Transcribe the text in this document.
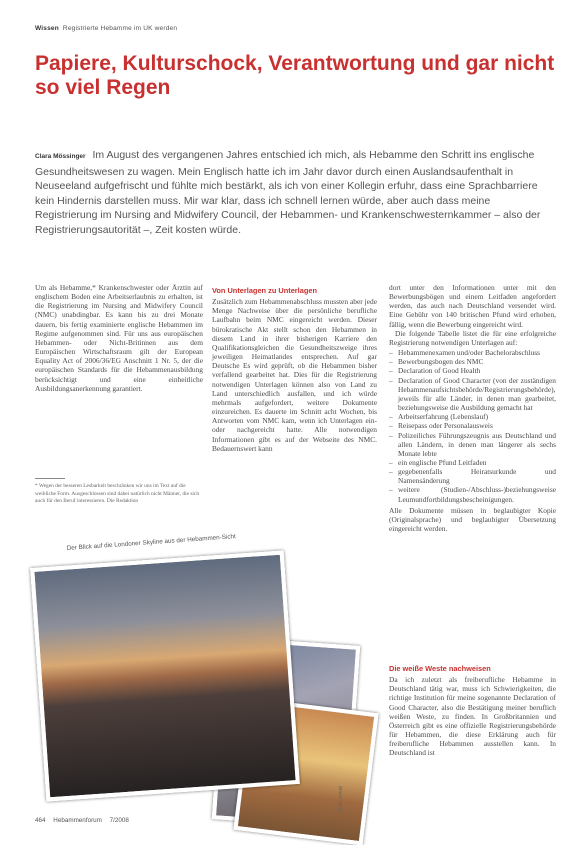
Wissen Registrierte Hebamme im UK werden
Papiere, Kulturschock, Verantwortung und gar nicht so viel Regen

Clara Mössinger Im August des vergangenen Jahres entschied ich mich, als Hebamme den Schritt ins englische Gesundheitswesen zu wagen. Mein Englisch hatte ich im Jahr davor durch einen Auslandsaufenthalt in Neuseeland aufgefrischt und fühlte mich bestärkt, als ich von einer Kollegin erfuhr, dass eine Sprachbarriere kein Hindernis darstellen muss. Mir war klar, dass ich schnell lernen würde, aber auch dass meine Registrierung im Nursing and Midwifery Council, der Hebammen- und Krankenschwesternkammer – also der Registrierungsautorität –, Zeit kosten würde.

Um als Hebamme,* Krankenschwester oder Ärztin auf englischem Boden eine Arbeitserlaubnis zu erhalten, ist die Registrierung im Nursing and Midwifery Council (NMC) unabdingbar. Es kann bis zu drei Monate dauern, bis fertig examinierte englische Hebammen im Regime aufgenommen sind. Für uns aus europäischen Hebammen- oder Nicht-Britinnen aus dem Europäischen Wirtschaftsraum gilt der European Equality Act of 2006/36/EG Anschnitt 1 Nr. 5, der die europäischen Standards für die Hebammenausbildung berücksichtigt und eine einheitliche Ausbildungsanerkennung garantiert.

* Wegen der besseren Lesbarkeit beschränken wir uns im Text auf die weibliche Form. Ausgeschlossen sind dabei natürlich nicht Männer, die sich auch für den Beruf interessieren. Die Redaktion

Von Unterlagen zu Unterlagen

Zusätzlich zum Hebammenabschluss mussten aber jede Menge Nachweise über die persönliche berufliche Laufbahn beim NMC eingereicht werden. Dieser bürokratische Akt stellt schon den Hebammen in diesem Land in ihrer bisherigen Karriere den Qualifikationsgleichen die Gesundheitszweige ihres jeweiligen Heimatlandes entsprechen. Auf gar Deutsche Es wird geprüft, ob die Hebammen bisher verfallend gearbeitet hat. Dies für die Registrierung notwendigen Unterlagen können also von Land zu Land unterschiedlich ausfallen, und ich würde mehrmals aufgefordert, weitere Dokumente einzureichen. Es dauerte im Schnitt acht Wochen, bis Antworten vom NMC kam, wenn ich Unterlagen ein- oder nachgereicht hatte. Alle notwendigen Informationen gibt es auf der Webseite des NMC. Bedauernswert kann

dort unter den Informationen unter mit den Bewerbungsbögen und einem Leitfaden angefordert werden, das auch nach Deutschland versendet wird. Eine Gebühr von 140 britischen Pfund wird erhoben, fällig, wenn die Bewerbung eingereicht wird.

Die folgende Tabelle listet die für eine erfolgreiche Registrierung notwendigen Unterlagen auf:

– Hebammenexamen und/oder Bachelorabschluss
– Bewerbungsbogen des NMC
– Declaration of Good Health
– Declaration of Good Character (von der zuständigen Hebammenaufsichtsbehörde/Registrierungsbehörde), jeweils für alle Länder, in denen man gearbeitet, beziehungsweise die Ausbildung gemacht hat
– Arbeitserfahrung (Lebenslauf)
– Reisepass oder Personalausweis
– Polizeiliches Führungszeugnis aus Deutschland und allen Ländern, in denen man längerer als sechs Monate lebte
– ein englische Pfund Leitfaden
– gegebenenfalls Heiratsurkunde und Namensänderung
– weitere (Studien-/Abschluss-)beziehungsweise Leumundfortbildungsbescheinigungen.

Alle Dokumente müssen in beglaubigter Kopie (Originalsprache) und beglaubigter Übersetzung eingereicht werden.

Die weiße Weste nachweisen

Da ich zuletzt als freiberufliche Hebamme in Deutschland tätig war, muss ich Schwierigkeiten, die richtige Institution für meine sogenannte Declaration of Good Character, also die Bestätigung meiner beruflich weißen Weste, zu finden. In Großbritannien und Österreich gibt es eine offizielle Registrierungsbehörde für Hebammen, die diese Erklärung auch für freiberufliche Hebammen ausstellen kann. In Deutschland ist

Der Blick auf die Londoner Skyline aus der Hebammen-Sicht
Foto: privat
464 Hebammenforum 7/2008
